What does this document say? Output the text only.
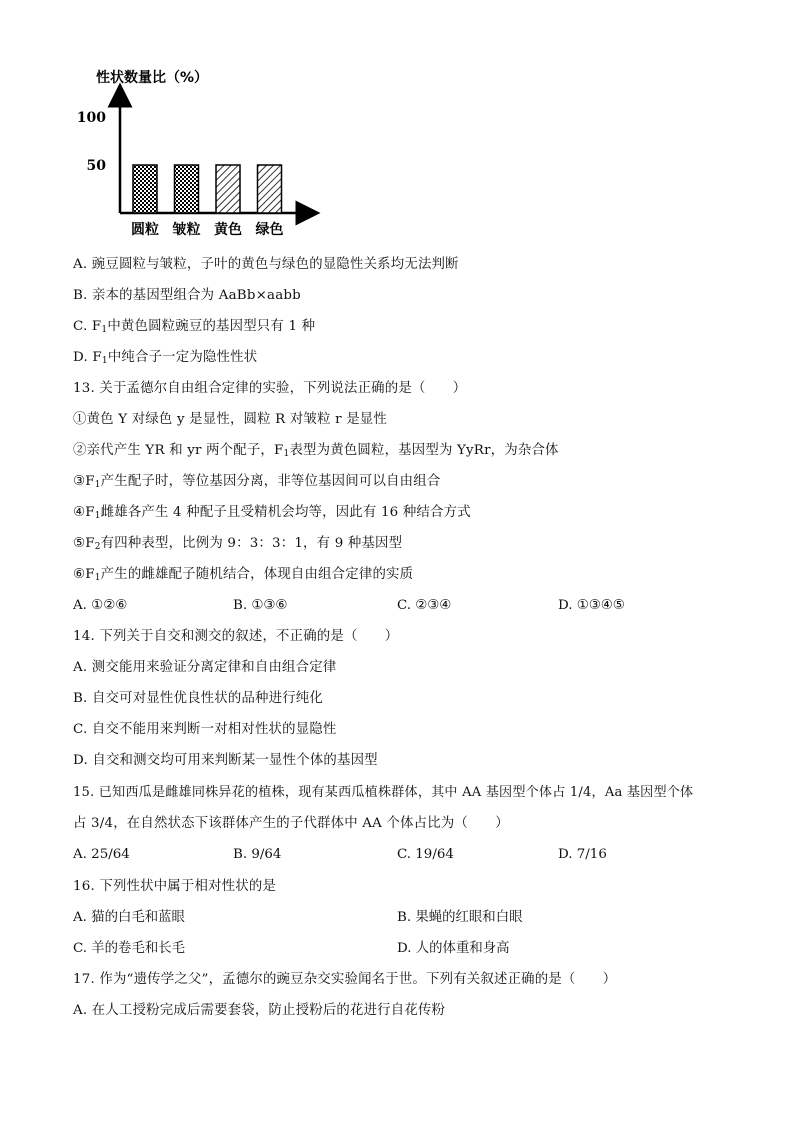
性状数量比（%）
50
100
圆粒 皱粒 黄色 绿色
A. 豌豆圆粒与皱粒，子叶的黄色与绿色的显隐性关系均无法判断
B. 亲本的基因型组合为 AaBb×aabb
C. $F_1$中黄色圆粒豌豆的基因型只有 1 种
D. $F_1$中纯合子一定为隐性性状
13. 关于孟德尔自由组合定律的实验，下列说法正确的是（　　）
①黄色 Y 对绿色 y 是显性，圆粒 R 对皱粒 r 是显性
②亲代产生 YR 和 yr 两个配子，$F_1$表型为黄色圆粒，基因型为 YyRr，为杂合体
$③F_1$产生配子时，等位基因分离，非等位基因间可以自由组合
$④F_1$雌雄各产生 4 种配子且受精机会均等，因此有 16 种结合方式
$⑤F_2$有四种表型，比例为 9：3：3：1，有 9 种基因型
$⑥F_1$产生的雌雄配子随机结合，体现自由组合定律的实质
A. ①②⑥	B. ①③⑥	C. ②③④	D. ①③④⑤
14. 下列关于自交和测交的叙述，不正确的是（　　）
A. 测交能用来验证分离定律和自由组合定律
B. 自交可对显性优良性状的品种进行纯化
C. 自交不能用来判断一对相对性状的显隐性
D. 自交和测交均可用来判断某一显性个体的基因型
15. 已知西瓜是雌雄同株异花的植株，现有某西瓜植株群体，其中 AA 基因型个体占 1/4，Aa 基因型个体
占 3/4，在自然状态下该群体产生的子代群体中 AA 个体占比为（　　）
A. 25/64	B. 9/64	C. 19/64	D. 7/16
16. 下列性状中属于相对性状的是
A. 猫的白毛和蓝眼	B. 果蝇的红眼和白眼
C. 羊的卷毛和长毛	D. 人的体重和身高
17. 作为“遗传学之父”，孟德尔的豌豆杂交实验闻名于世。下列有关叙述正确的是（　　）
A. 在人工授粉完成后需要套袋，防止授粉后的花进行自花传粉
